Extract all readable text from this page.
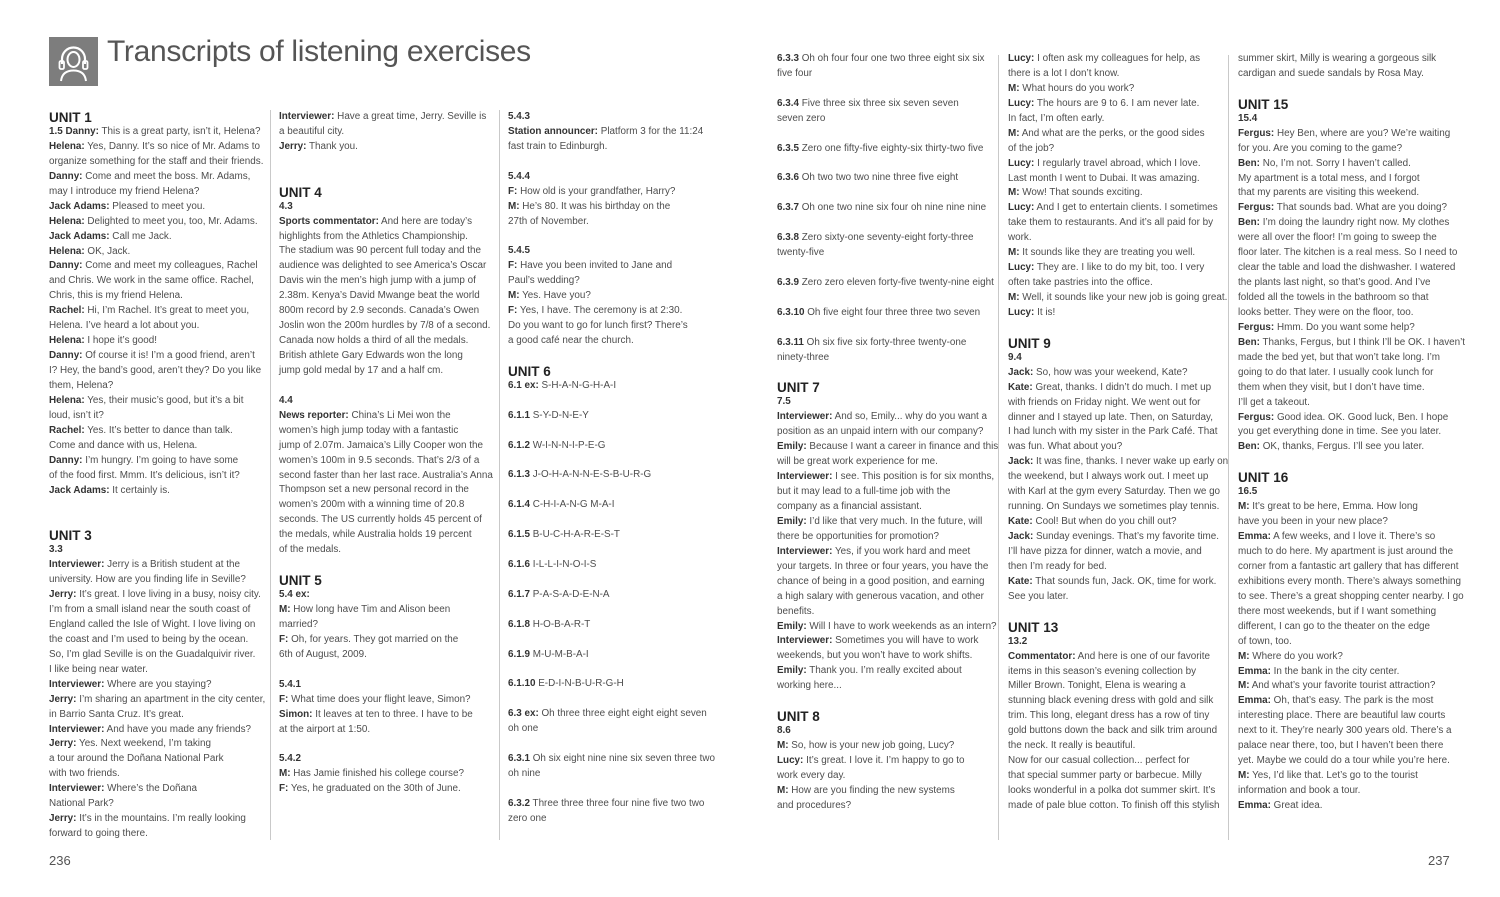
Transcripts of listening exercises
UNIT 1
1.5 Danny: This is a great party, isn’t it, Helena?
Helena: Yes, Danny. It’s so nice of Mr. Adams to
organize something for the staff and their friends.
Danny: Come and meet the boss. Mr. Adams,
may I introduce my friend Helena?
Jack Adams: Pleased to meet you.
Helena: Delighted to meet you, too, Mr. Adams.
Jack Adams: Call me Jack.
Helena: OK, Jack.
Danny: Come and meet my colleagues, Rachel
and Chris. We work in the same office. Rachel,
Chris, this is my friend Helena.
Rachel: Hi, I’m Rachel. It’s great to meet you,
Helena. I’ve heard a lot about you.
Helena: I hope it’s good!
Danny: Of course it is! I’m a good friend, aren’t
I? Hey, the band’s good, aren’t they? Do you like
them, Helena?
Helena: Yes, their music’s good, but it’s a bit
loud, isn’t it?
Rachel: Yes. It’s better to dance than talk.
Come and dance with us, Helena.
Danny: I’m hungry. I’m going to have some
of the food first. Mmm. It’s delicious, isn’t it?
Jack Adams: It certainly is.
UNIT 3
3.3
Interviewer: Jerry is a British student at the
university. How are you finding life in Seville?
Jerry: It’s great. I love living in a busy, noisy city.
I’m from a small island near the south coast of
England called the Isle of Wight. I love living on
the coast and I’m used to being by the ocean.
So, I’m glad Seville is on the Guadalquivir river.
I like being near water.
Interviewer: Where are you staying?
Jerry: I’m sharing an apartment in the city center,
in Barrio Santa Cruz. It’s great.
Interviewer: And have you made any friends?
Jerry: Yes. Next weekend, I’m taking
a tour around the Doñana National Park
with two friends.
Interviewer: Where’s the Doñana
National Park?
Jerry: It’s in the mountains. I’m really looking
forward to going there.
Interviewer: Have a great time, Jerry. Seville is
a beautiful city.
Jerry: Thank you.
UNIT 4
4.3
Sports commentator: And here are today’s
highlights from the Athletics Championship.
The stadium was 90 percent full today and the
audience was delighted to see America’s Oscar
Davis win the men’s high jump with a jump of
2.38m. Kenya’s David Mwange beat the world
800m record by 2.9 seconds. Canada’s Owen
Joslin won the 200m hurdles by 7/8 of a second.
Canada now holds a third of all the medals.
British athlete Gary Edwards won the long
jump gold medal by 17 and a half cm.
4.4
News reporter: China’s Li Mei won the
women’s high jump today with a fantastic
jump of 2.07m. Jamaica’s Lilly Cooper won the
women’s 100m in 9.5 seconds. That’s 2/3 of a
second faster than her last race. Australia’s Anna
Thompson set a new personal record in the
women’s 200m with a winning time of 20.8
seconds. The US currently holds 45 percent of
the medals, while Australia holds 19 percent
of the medals.
UNIT 5
5.4 ex:
M: How long have Tim and Alison been
married?
F: Oh, for years. They got married on the
6th of August, 2009.
5.4.1
F: What time does your flight leave, Simon?
Simon: It leaves at ten to three. I have to be
at the airport at 1:50.
5.4.2
M: Has Jamie finished his college course?
F: Yes, he graduated on the 30th of June.
5.4.3
Station announcer: Platform 3 for the 11:24
fast train to Edinburgh.
5.4.4
F: How old is your grandfather, Harry?
M: He’s 80. It was his birthday on the
27th of November.
5.4.5
F: Have you been invited to Jane and
Paul’s wedding?
M: Yes. Have you?
F: Yes, I have. The ceremony is at 2:30.
Do you want to go for lunch first? There’s
a good café near the church.
UNIT 6
6.1 ex: S-H-A-N-G-H-A-I
6.1.1 S-Y-D-N-E-Y
6.1.2 W-I-N-N-I-P-E-G
6.1.3 J-O-H-A-N-N-E-S-B-U-R-G
6.1.4 C-H-I-A-N-G M-A-I
6.1.5 B-U-C-H-A-R-E-S-T
6.1.6 I-L-L-I-N-O-I-S
6.1.7 P-A-S-A-D-E-N-A
6.1.8 H-O-B-A-R-T
6.1.9 M-U-M-B-A-I
6.1.10 E-D-I-N-B-U-R-G-H
6.3 ex: Oh three three eight eight eight seven
oh one
6.3.1 Oh six eight nine nine six seven three two
oh nine
6.3.2 Three three three four nine five two two
zero one
6.3.3 Oh oh four four one two three eight six six
five four
6.3.4 Five three six three six seven seven
seven zero
6.3.5 Zero one fifty-five eighty-six thirty-two five
6.3.6 Oh two two two nine three five eight
6.3.7 Oh one two nine six four oh nine nine nine
6.3.8 Zero sixty-one seventy-eight forty-three
twenty-five
6.3.9 Zero zero eleven forty-five twenty-nine eight
6.3.10 Oh five eight four three three two seven
6.3.11 Oh six five six forty-three twenty-one
ninety-three
UNIT 7
7.5
Interviewer: And so, Emily... why do you want a
position as an unpaid intern with our company?
Emily: Because I want a career in finance and this
will be great work experience for me.
Interviewer: I see. This position is for six months,
but it may lead to a full-time job with the
company as a financial assistant.
Emily: I’d like that very much. In the future, will
there be opportunities for promotion?
Interviewer: Yes, if you work hard and meet
your targets. In three or four years, you have the
chance of being in a good position, and earning
a high salary with generous vacation, and other
benefits.
Emily: Will I have to work weekends as an intern?
Interviewer: Sometimes you will have to work
weekends, but you won’t have to work shifts.
Emily: Thank you. I’m really excited about
working here...
UNIT 8
8.6
M: So, how is your new job going, Lucy?
Lucy: It’s great. I love it. I’m happy to go to
work every day.
M: How are you finding the new systems
and procedures?
Lucy: I often ask my colleagues for help, as
there is a lot I don’t know.
M: What hours do you work?
Lucy: The hours are 9 to 6. I am never late.
In fact, I’m often early.
M: And what are the perks, or the good sides
of the job?
Lucy: I regularly travel abroad, which I love.
Last month I went to Dubai. It was amazing.
M: Wow! That sounds exciting.
Lucy: And I get to entertain clients. I sometimes
take them to restaurants. And it’s all paid for by
work.
M: It sounds like they are treating you well.
Lucy: They are. I like to do my bit, too. I very
often take pastries into the office.
M: Well, it sounds like your new job is going great.
Lucy: It is!
UNIT 9
9.4
Jack: So, how was your weekend, Kate?
Kate: Great, thanks. I didn’t do much. I met up
with friends on Friday night. We went out for
dinner and I stayed up late. Then, on Saturday,
I had lunch with my sister in the Park Café. That
was fun. What about you?
Jack: It was fine, thanks. I never wake up early on
the weekend, but I always work out. I meet up
with Karl at the gym every Saturday. Then we go
running. On Sundays we sometimes play tennis.
Kate: Cool! But when do you chill out?
Jack: Sunday evenings. That’s my favorite time.
I’ll have pizza for dinner, watch a movie, and
then I’m ready for bed.
Kate: That sounds fun, Jack. OK, time for work.
See you later.
UNIT 13
13.2
Commentator: And here is one of our favorite
items in this season’s evening collection by
Miller Brown. Tonight, Elena is wearing a
stunning black evening dress with gold and silk
trim. This long, elegant dress has a row of tiny
gold buttons down the back and silk trim around
the neck. It really is beautiful.
Now for our casual collection... perfect for
that special summer party or barbecue. Milly
looks wonderful in a polka dot summer skirt. It’s
made of pale blue cotton. To finish off this stylish
summer skirt, Milly is wearing a gorgeous silk
cardigan and suede sandals by Rosa May.
UNIT 15
15.4
Fergus: Hey Ben, where are you? We’re waiting
for you. Are you coming to the game?
Ben: No, I’m not. Sorry I haven’t called.
My apartment is a total mess, and I forgot
that my parents are visiting this weekend.
Fergus: That sounds bad. What are you doing?
Ben: I’m doing the laundry right now. My clothes
were all over the floor! I’m going to sweep the
floor later. The kitchen is a real mess. So I need to
clear the table and load the dishwasher. I watered
the plants last night, so that’s good. And I’ve
folded all the towels in the bathroom so that
looks better. They were on the floor, too.
Fergus: Hmm. Do you want some help?
Ben: Thanks, Fergus, but I think I’ll be OK. I haven’t
made the bed yet, but that won’t take long. I’m
going to do that later. I usually cook lunch for
them when they visit, but I don’t have time.
I’ll get a takeout.
Fergus: Good idea. OK. Good luck, Ben. I hope
you get everything done in time. See you later.
Ben: OK, thanks, Fergus. I’ll see you later.
UNIT 16
16.5
M: It’s great to be here, Emma. How long
have you been in your new place?
Emma: A few weeks, and I love it. There’s so
much to do here. My apartment is just around the
corner from a fantastic art gallery that has different
exhibitions every month. There’s always something
to see. There’s a great shopping center nearby. I go
there most weekends, but if I want something
different, I can go to the theater on the edge
of town, too.
M: Where do you work?
Emma: In the bank in the city center.
M: And what’s your favorite tourist attraction?
Emma: Oh, that’s easy. The park is the most
interesting place. There are beautiful law courts
next to it. They’re nearly 300 years old. There’s a
palace near there, too, but I haven’t been there
yet. Maybe we could do a tour while you’re here.
M: Yes, I’d like that. Let’s go to the tourist
information and book a tour.
Emma: Great idea.
236	237
